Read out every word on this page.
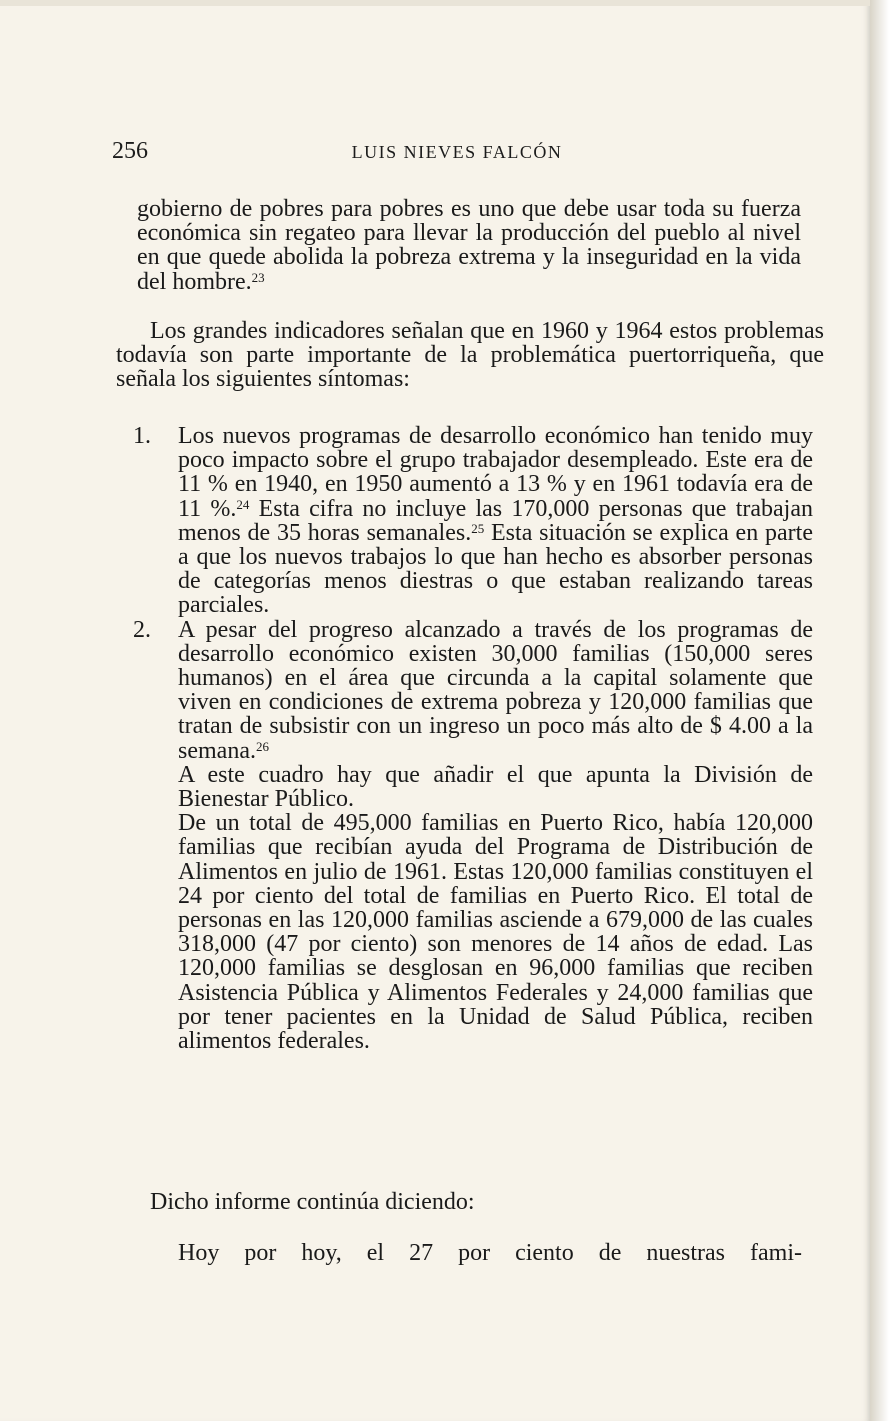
256	LUIS NIEVES FALCÓN
gobierno de pobres para pobres es uno que debe usar toda su fuerza económica sin regateo para llevar la producción del pueblo al nivel en que quede abolida la pobreza extrema y la inseguridad en la vida del hombre.$^{23}$
Los grandes indicadores señalan que en 1960 y 1964 estos problemas todavía son parte importante de la problemática puertorriqueña, que señala los siguientes síntomas:
1. Los nuevos programas de desarrollo económico han tenido muy poco impacto sobre el grupo trabajador desempleado. Este era de 11 % en 1940, en 1950 aumentó a 13 % y en 1961 todavía era de 11 %.$^{24}$ Esta cifra no incluye las 170,000 personas que trabajan menos de 35 horas semanales.$^{25}$ Esta situación se explica en parte a que los nuevos trabajos lo que han hecho es absorber personas de categorías menos diestras o que estaban realizando tareas parciales.

2. A pesar del progreso alcanzado a través de los programas de desarrollo económico existen 30,000 familias (150,000 seres humanos) en el área que circunda a la capital solamente que viven en condiciones de extrema pobreza y 120,000 familias que tratan de subsistir con un ingreso un poco más alto de $ 4.00 a la semana.$^{26}$

A este cuadro hay que añadir el que apunta la División de Bienestar Público.

De un total de 495,000 familias en Puerto Rico, había 120,000 familias que recibían ayuda del Programa de Distribución de Alimentos en julio de 1961. Estas 120,000 familias constituyen el 24 por ciento del total de familias en Puerto Rico. El total de personas en las 120,000 familias asciende a 679,000 de las cuales 318,000 (47 por ciento) son menores de 14 años de edad. Las 120,000 familias se desglosan en 96,000 familias que reciben Asistencia Pública y Alimentos Federales y 24,000 familias que por tener pacientes en la Unidad de Salud Pública, reciben alimentos federales.

Dicho informe continúa diciendo:
Hoy por hoy, el 27 por ciento de nuestras fami-
